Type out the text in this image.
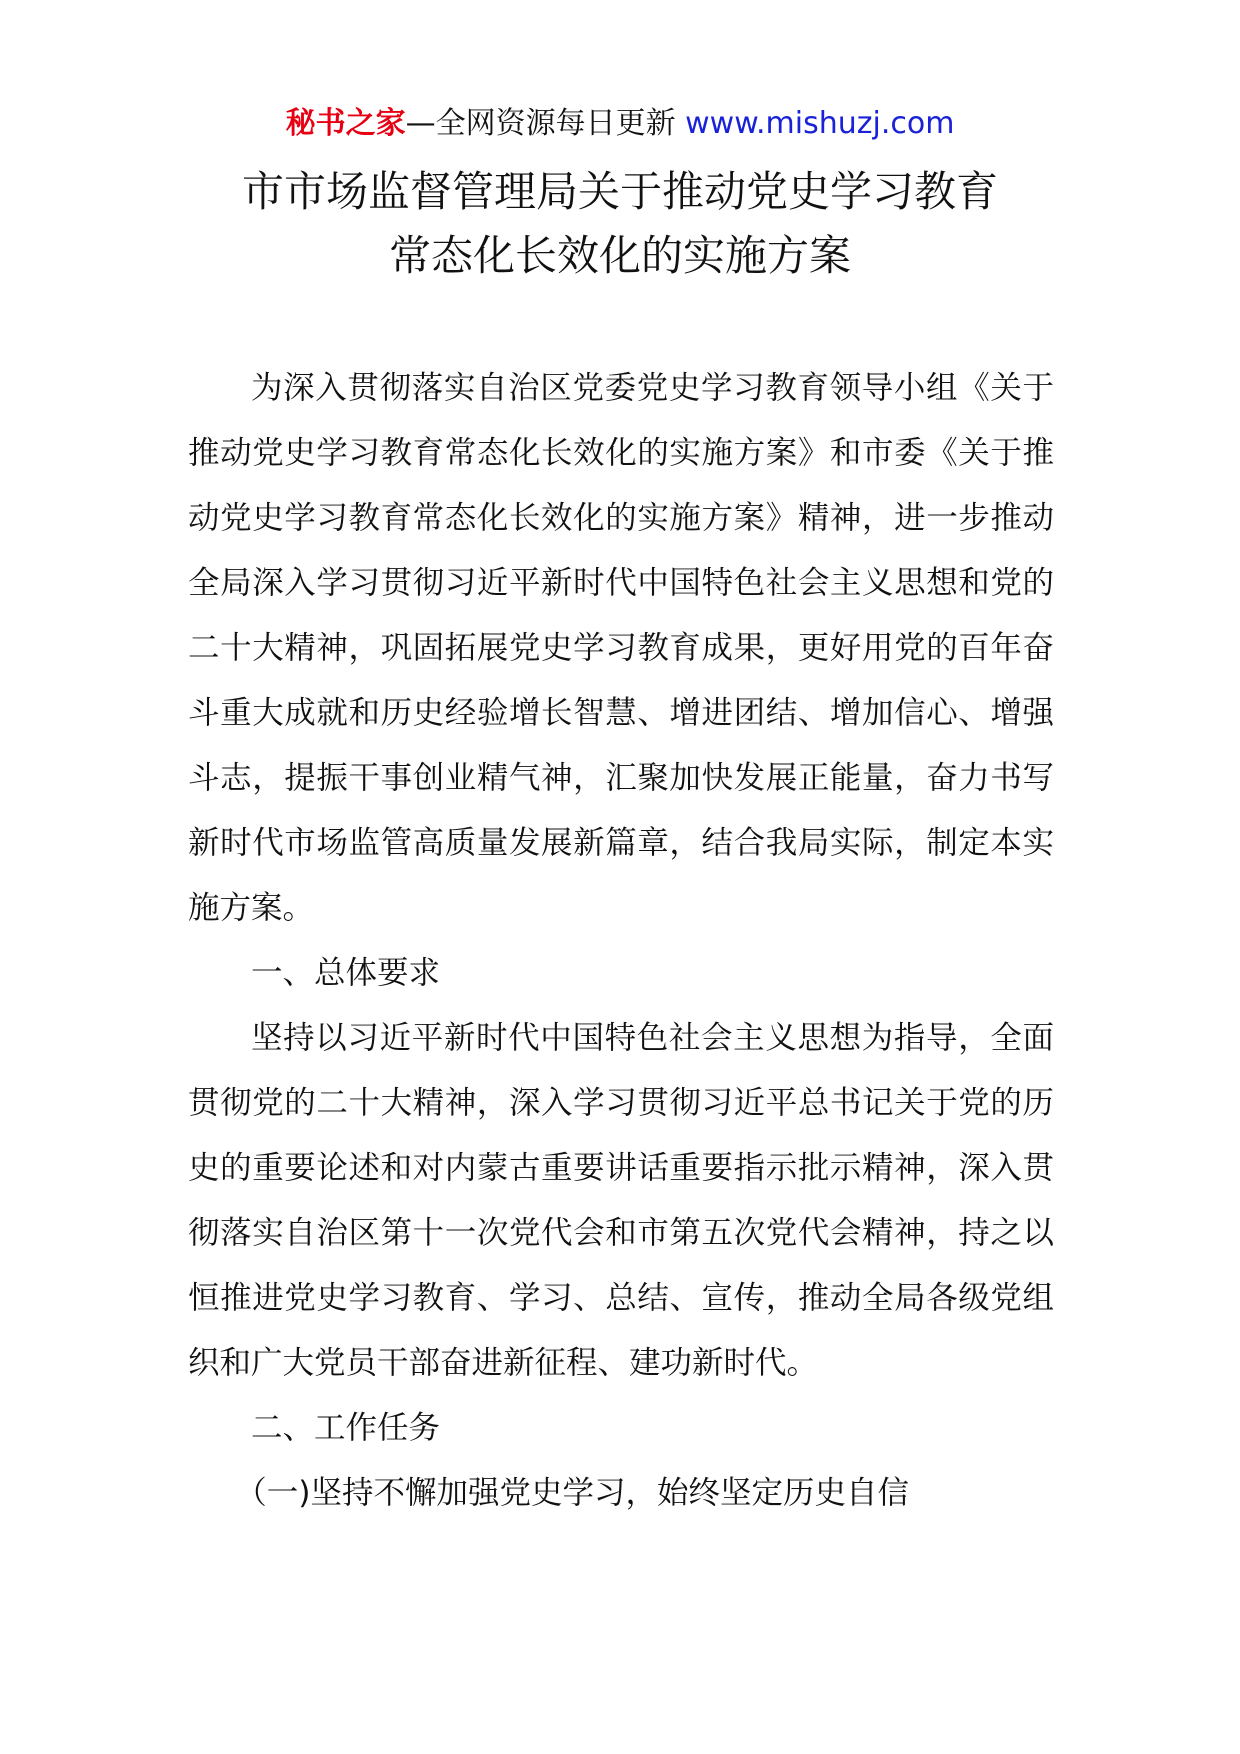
秘书之家—全网资源每日更新 www.mishuzj.com
市市场监督管理局关于推动党史学习教育
常态化长效化的实施方案

为深入贯彻落实自治区党委党史学习教育领导小组《关于推动党史学习教育常态化长效化的实施方案》和市委《关于推动党史学习教育常态化长效化的实施方案》精神，进一步推动全局深入学习贯彻习近平新时代中国特色社会主义思想和党的二十大精神，巩固拓展党史学习教育成果，更好用党的百年奋斗重大成就和历史经验增长智慧、增进团结、增加信心、增强斗志，提振干事创业精气神，汇聚加快发展正能量，奋力书写新时代市场监管高质量发展新篇章，结合我局实际，制定本实施方案。

一、总体要求

坚持以习近平新时代中国特色社会主义思想为指导，全面贯彻党的二十大精神，深入学习贯彻习近平总书记关于党的历史的重要论述和对内蒙古重要讲话重要指示批示精神，深入贯彻落实自治区第十一次党代会和市第五次党代会精神，持之以恒推进党史学习教育、学习、总结、宣传，推动全局各级党组织和广大党员干部奋进新征程、建功新时代。

二、工作任务

（一)坚持不懈加强党史学习，始终坚定历史自信
